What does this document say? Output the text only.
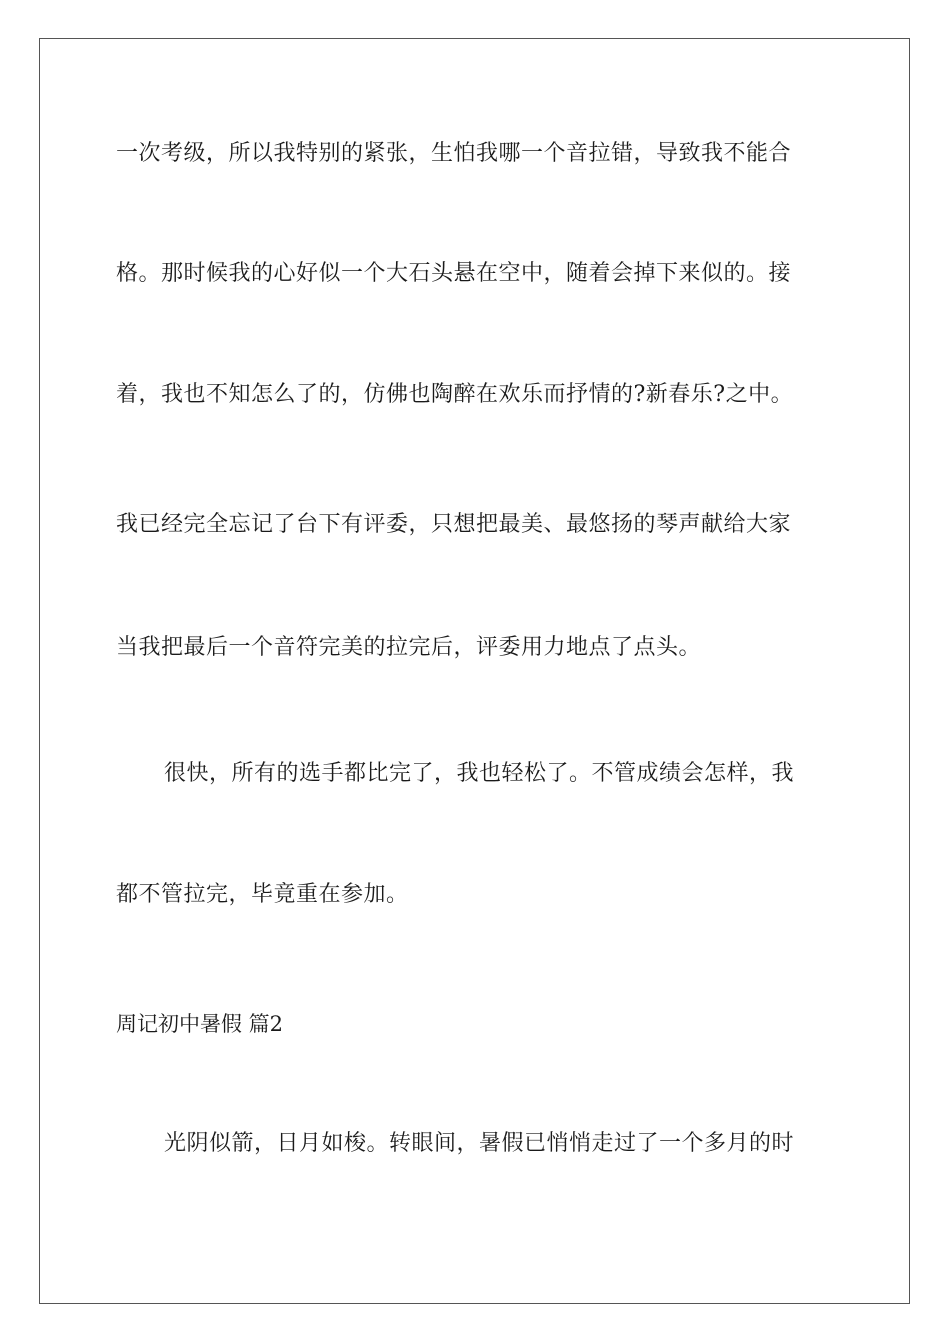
一次考级，所以我特别的紧张，生怕我哪一个音拉错，导致我不能合
格。那时候我的心好似一个大石头悬在空中，随着会掉下来似的。接
着，我也不知怎么了的，仿佛也陶醉在欢乐而抒情的?新春乐?之中。
我已经完全忘记了台下有评委，只想把最美、最悠扬的琴声献给大家
当我把最后一个音符完美的拉完后，评委用力地点了点头。
很快，所有的选手都比完了，我也轻松了。不管成绩会怎样，我
都不管拉完，毕竟重在参加。
周记初中暑假 篇2
光阴似箭，日月如梭。转眼间，暑假已悄悄走过了一个多月的时
